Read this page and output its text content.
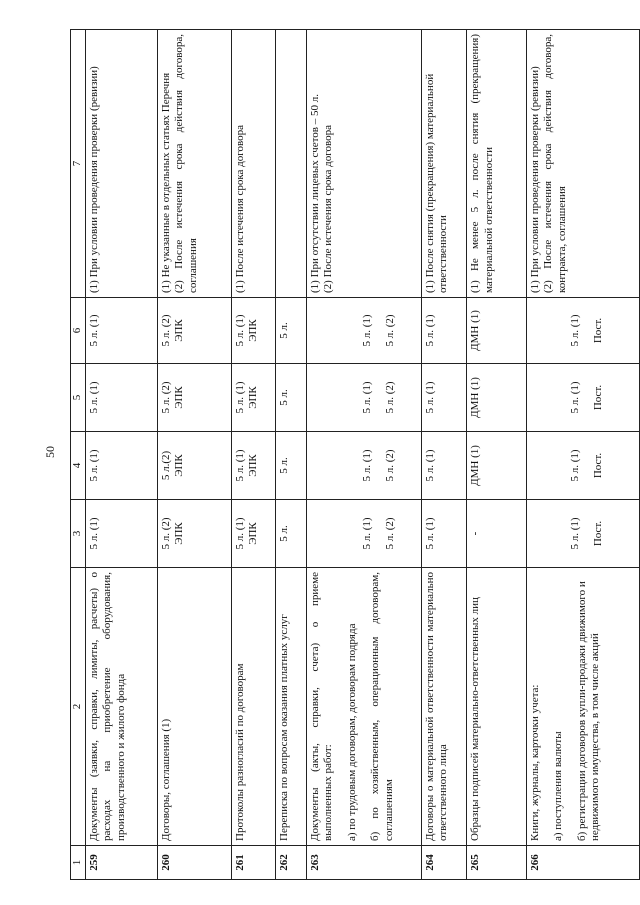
50
1	2	3	4	5	6	7
259	Документы (заявки, справки, лимиты, расчеты) о расходах на приобретение оборудования, производственного и жилого фонда	5 л. (1)	5 л. (1)	5 л. (1)	5 л. (1)	(1) При условии проведения проверки (ревизии)
260	Договоры, соглашения (1)	5 л. (2) ЭПК	5 л.(2) ЭПК	5 л. (2) ЭПК	5 л. (2) ЭПК	(1) Не указанные в отдельных статьях Перечня (2) После истечения срока действия договора, соглашения

261	Протоколы разногласий по договорам	5 л. (1) ЭПК	5 л. (1) ЭПК	5 л. (1) ЭПК	5 л. (1) ЭПК	(1) После истечения срока договора
262	Переписка по вопросам оказания платных услуг	5 л.	5 л.	5 л.	5 л.	
263	Документы (акты, справки, счета) о приеме выполненных работ: а) по трудовым договорам, договорам подряда б) по хозяйственным, операционным договорам, соглашениям	5 л. (1) 5 л. (2)	5 л. (1) 5 л. (2)	5 л. (1) 5 л. (2)	5 л. (1) 5 л. (2)	(1) При отсутствии лицевых счетов – 50 л. (2) После истечения срока договора

264	Договоры о материальной ответственности материально ответственного лица	5 л. (1)	5 л. (1)	5 л. (1)	5 л. (1)	(1) После снятия (прекращения) материальной ответственности
265	Образцы подписей материально-ответственных лиц	-	ДМН (1)	ДМН (1)	ДМН (1)	(1) Не менее 5 л. после снятия (прекращения) материальной ответственности
266	Книги, журналы, карточки учета: а) поступления валюты б) регистрации договоров купли-продажи движимого и недвижимого имущества, в том числе акций	5 л. (1) Пост.	5 л. (1) Пост.	5 л. (1) Пост.	5 л. (1) Пост.	(1) При условии проведения проверки (ревизии) (2) После истечения срока действия договора, контракта, соглашения
